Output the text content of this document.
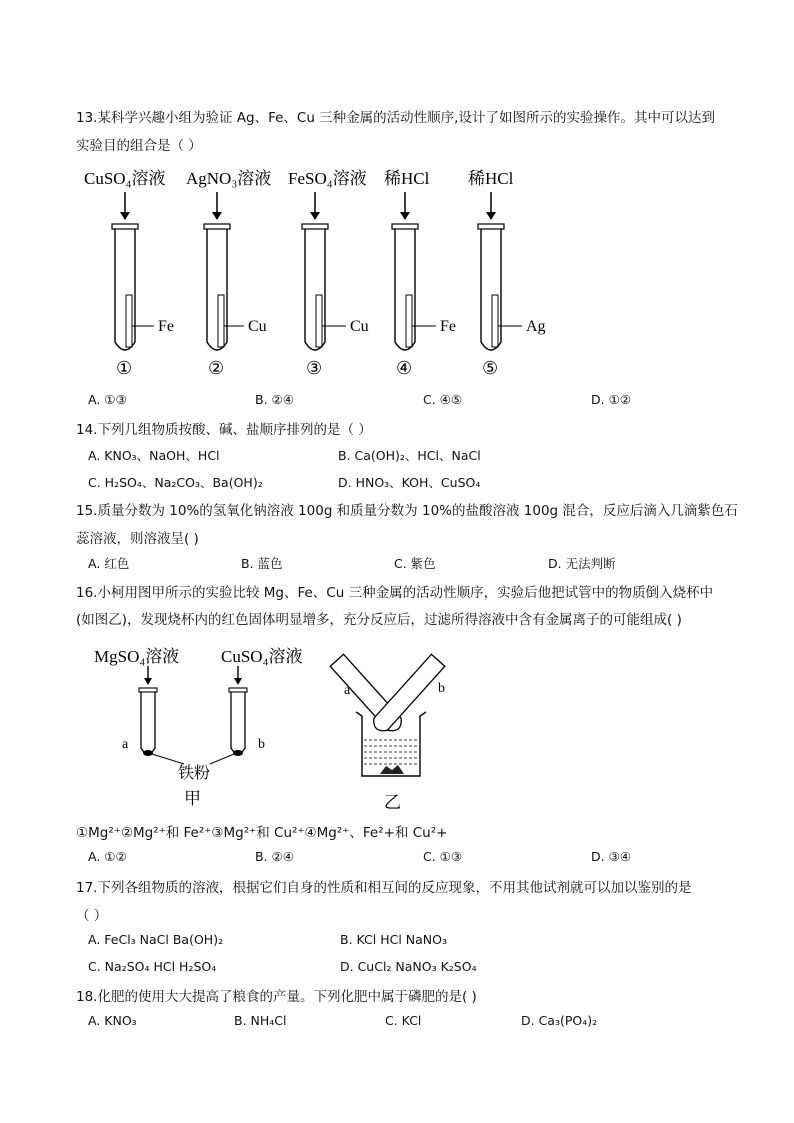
13.某科学兴趣小组为验证 Ag、Fe、Cu 三种金属的活动性顺序,设计了如图所示的实验操作。其中可以达到
实验目的组合是（ ）
CuSO₄溶液 AgNO₃溶液 FeSO₄溶液 稀HCl 稀HCl
Fe
①
Cu
②
Cu
③
Fe
④
Ag
⑤
A. ①③	B. ②④	C. ④⑤	D. ①②
14.下列几组物质按酸、碱、盐顺序排列的是（ ）
A. KNO₃、NaOH、HCl	B. Ca(OH)₂、HCl、NaCl
C. H₂SO₄、Na₂CO₃、Ba(OH)₂	D. HNO₃、KOH、CuSO₄
15.质量分数为 10%的氢氧化钠溶液 100g 和质量分数为 10%的盐酸溶液 100g 混合，反应后滴入几滴紫色石
蕊溶液，则溶液呈( )
A. 红色	B. 蓝色	C. 紫色	D. 无法判断
16.小柯用图甲所示的实验比较 Mg、Fe、Cu 三种金属的活动性顺序，实验后他把试管中的物质倒入烧杯中
(如图乙)，发现烧杯内的红色固体明显增多，充分反应后，过滤所得溶液中含有金属离子的可能组成( )
MgSO₄溶液 CuSO₄溶液
a	b
铁粉
甲
a	b
乙
①Mg²⁺②Mg²⁺和 Fe²⁺③Mg²⁺和 Cu²⁺④Mg²⁺、Fe²+和 Cu²+
A. ①②	B. ②④	C. ①③	D. ③④
17.下列各组物质的溶液，根据它们自身的性质和相互间的反应现象，不用其他试剂就可以加以鉴别的是
（ ）
A. FeCl₃ NaCl Ba(OH)₂	B. KCl HCl NaNO₃
C. Na₂SO₄ HCl H₂SO₄	D. CuCl₂ NaNO₃ K₂SO₄
18.化肥的使用大大提高了粮食的产量。下列化肥中属于磷肥的是( )
A. KNO₃	B. NH₄Cl	C. KCl	D. Ca₃(PO₄)₂
